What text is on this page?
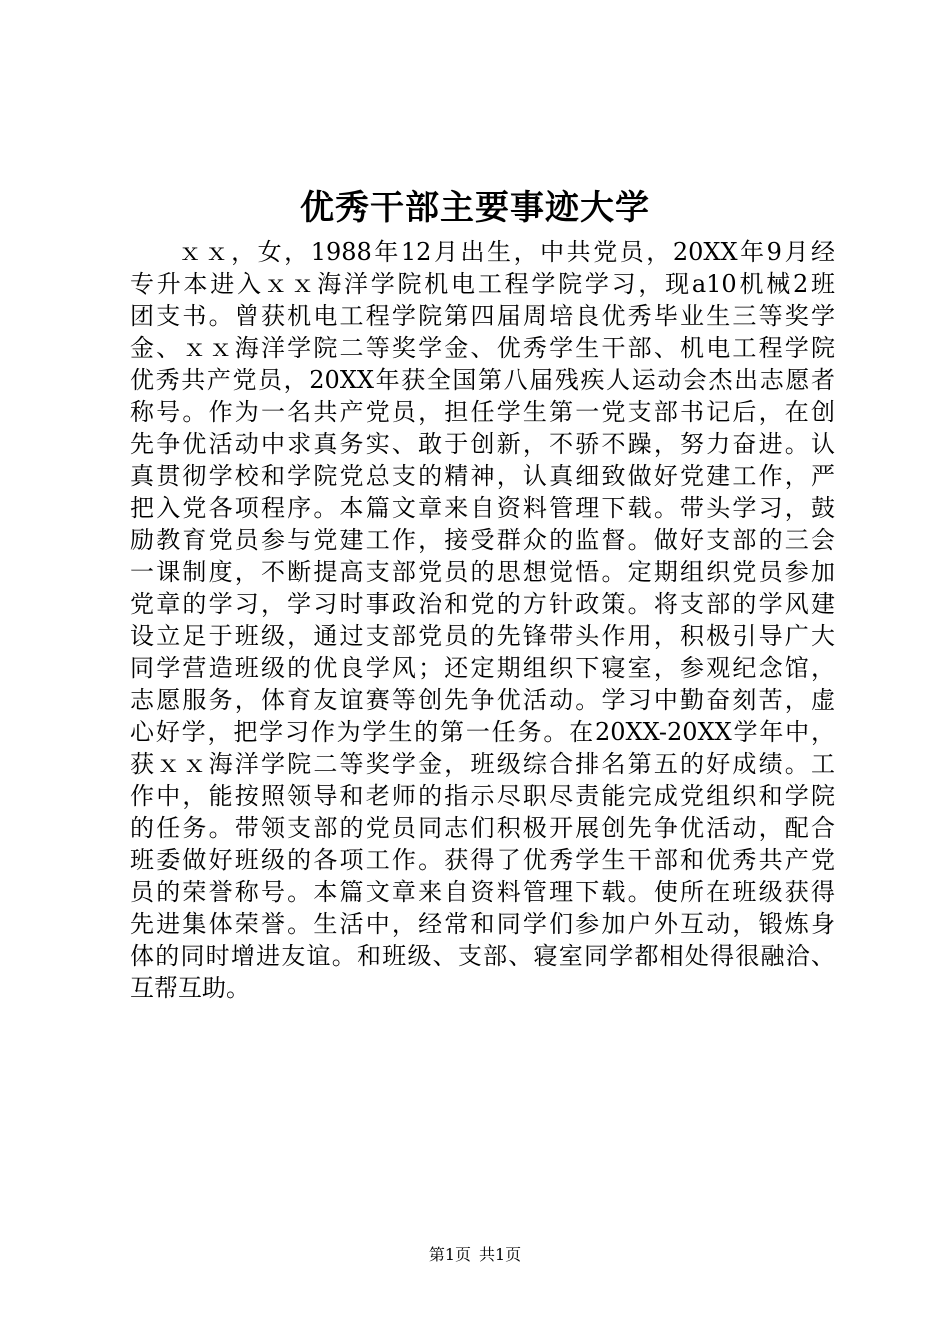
优秀干部主要事迹大学
ｘｘ，女，1988年12月出生，中共党员，20XX年9月经
专升本进入ｘｘ海洋学院机电工程学院学习，现a10机械2班
团支书。曾获机电工程学院第四届周培良优秀毕业生三等奖学
金、ｘｘ海洋学院二等奖学金、优秀学生干部、机电工程学院
优秀共产党员，20XX年获全国第八届残疾人运动会杰出志愿者
称号。作为一名共产党员，担任学生第一党支部书记后，在创
先争优活动中求真务实、敢于创新，不骄不躁，努力奋进。认
真贯彻学校和学院党总支的精神，认真细致做好党建工作，严
把入党各项程序。本篇文章来自资料管理下载。带头学习，鼓
励教育党员参与党建工作，接受群众的监督。做好支部的三会
一课制度，不断提高支部党员的思想觉悟。定期组织党员参加
党章的学习，学习时事政治和党的方针政策。将支部的学风建
设立足于班级，通过支部党员的先锋带头作用，积极引导广大
同学营造班级的优良学风；还定期组织下寝室，参观纪念馆，
志愿服务，体育友谊赛等创先争优活动。学习中勤奋刻苦，虚
心好学，把学习作为学生的第一任务。在20XX-20XX学年中，
获ｘｘ海洋学院二等奖学金，班级综合排名第五的好成绩。工
作中，能按照领导和老师的指示尽职尽责能完成党组织和学院
的任务。带领支部的党员同志们积极开展创先争优活动，配合
班委做好班级的各项工作。获得了优秀学生干部和优秀共产党
员的荣誉称号。本篇文章来自资料管理下载。使所在班级获得
先进集体荣誉。生活中，经常和同学们参加户外互动，锻炼身
体的同时增进友谊。和班级、支部、寝室同学都相处得很融洽、
互帮互助。
第1页 共1页
